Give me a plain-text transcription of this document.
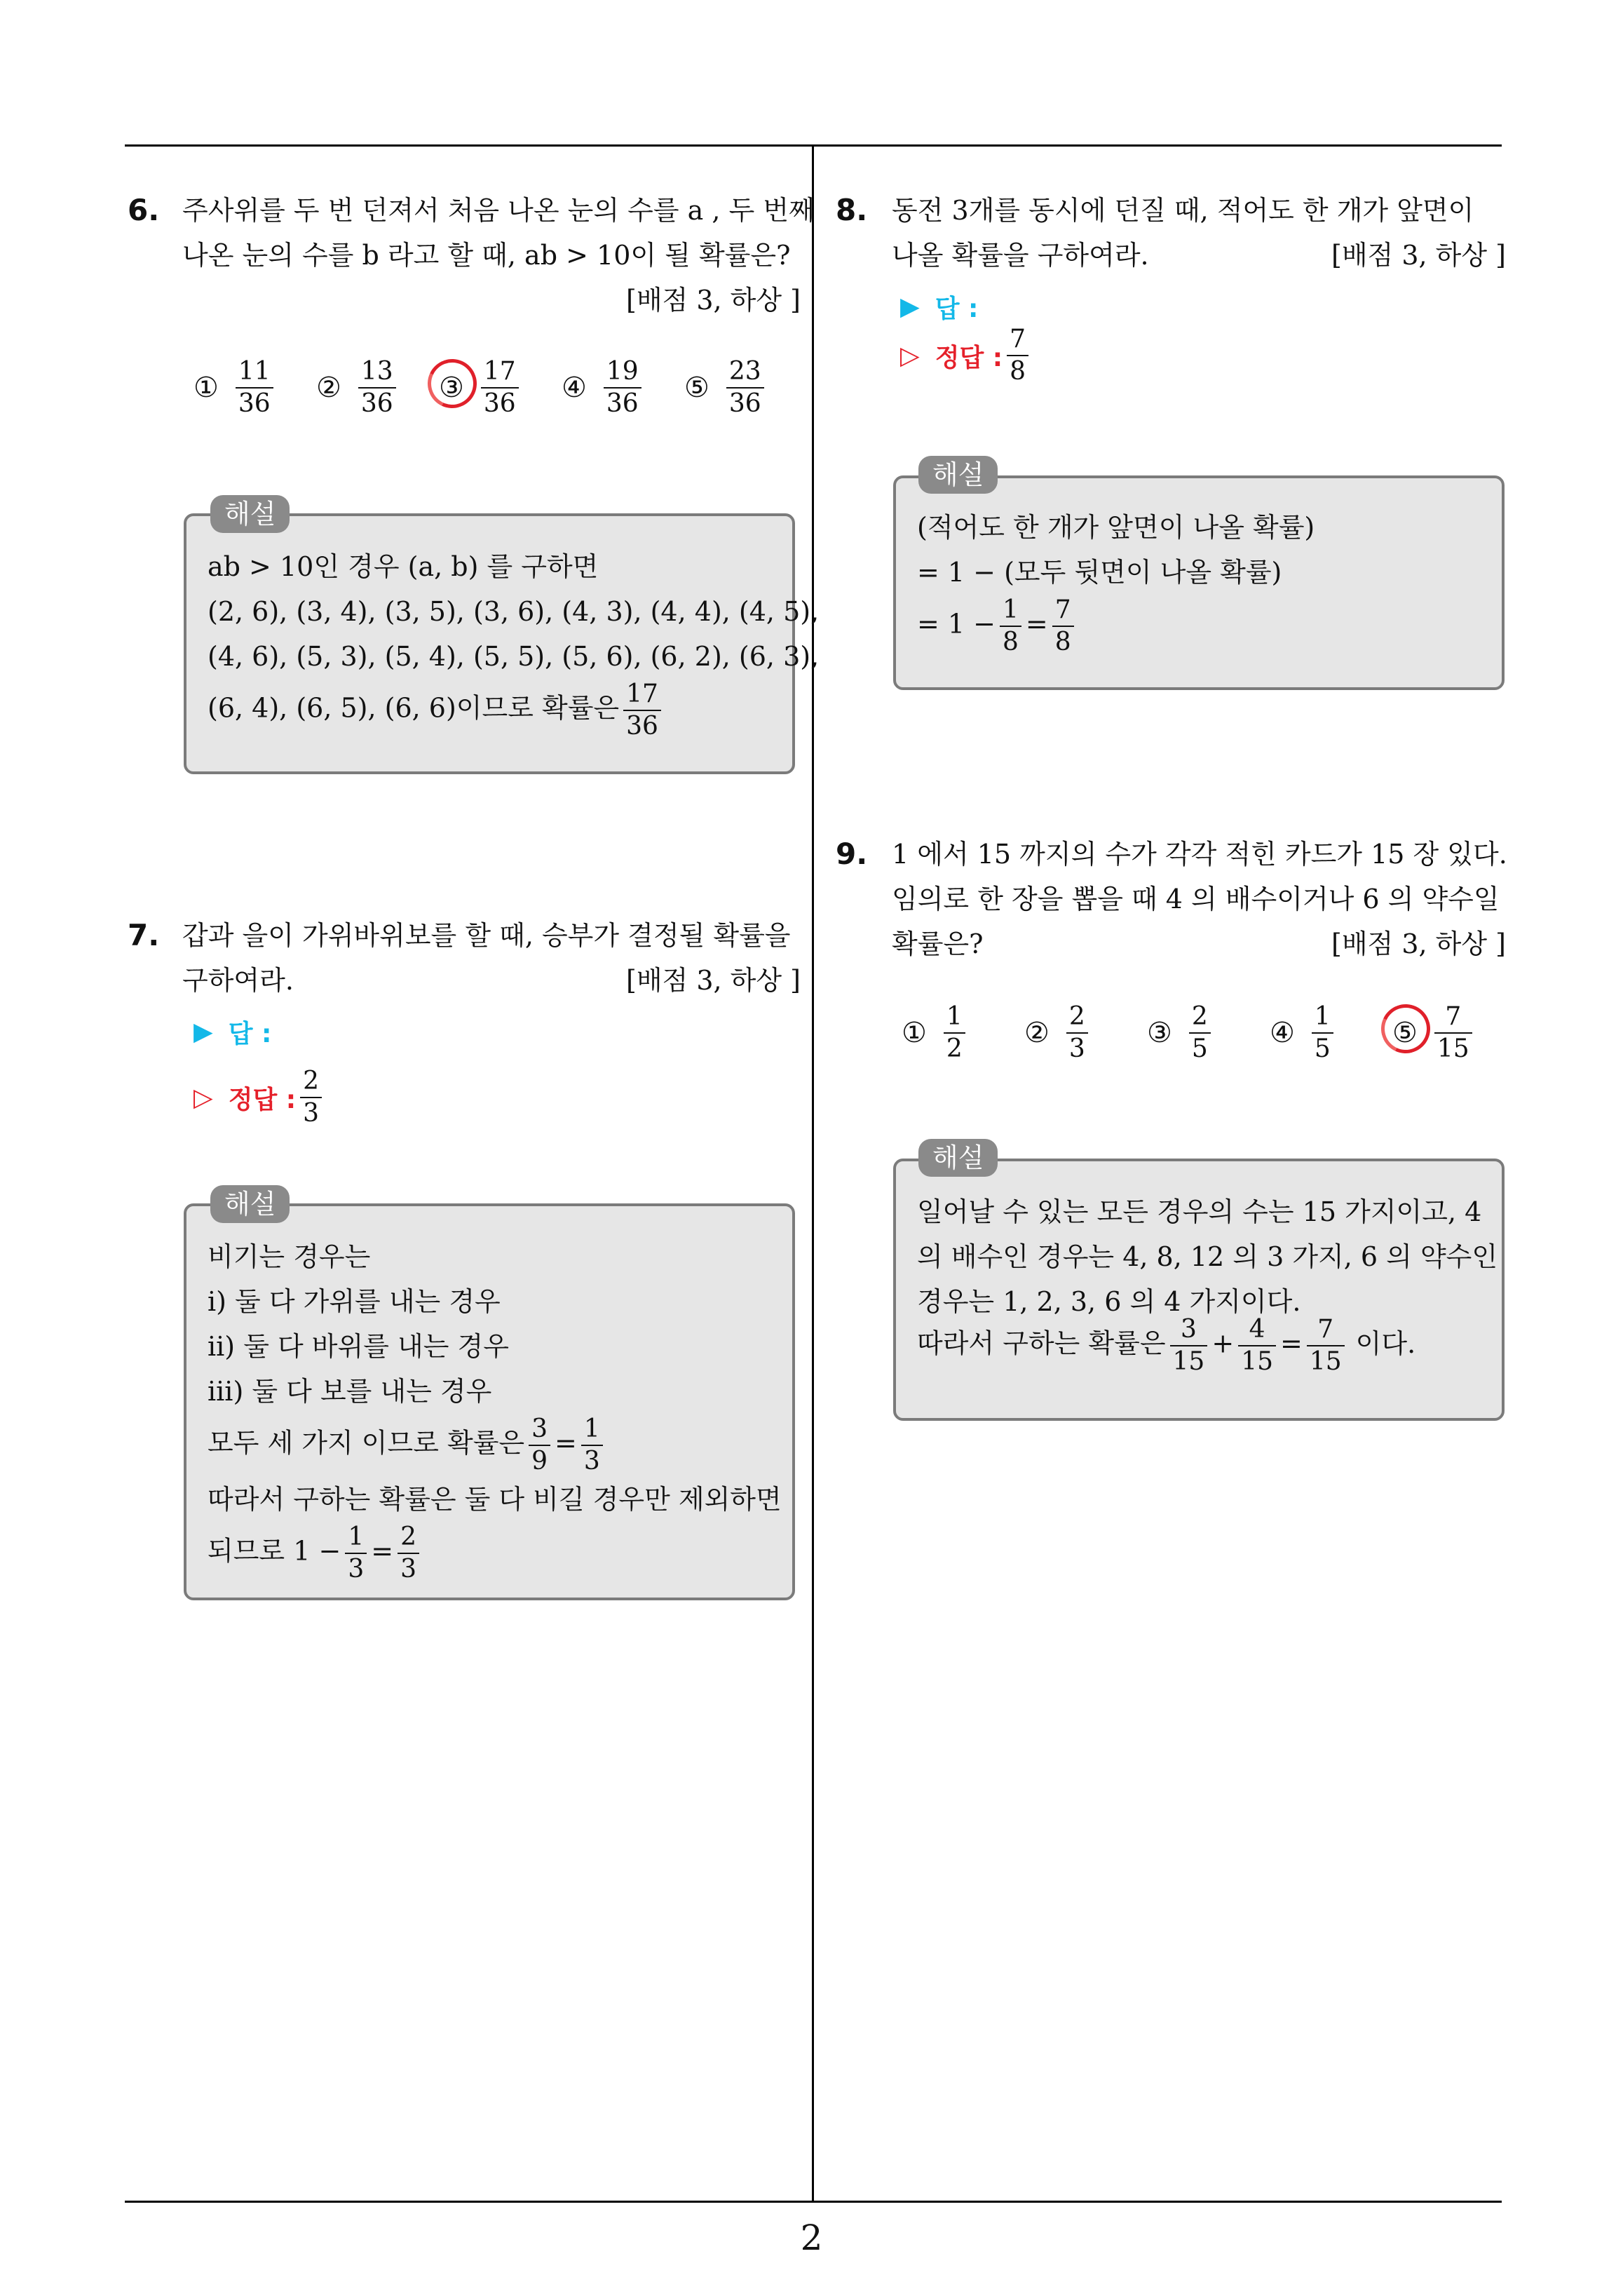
2
6. 주사위를 두 번 던져서 처음 나온 눈의 수를 a , 두 번째

나온 눈의 수를 b 라고 할 때, ab > 10이 될 확률은?

[배점 3, 하상 ]
① $\frac{11}{36}$ ② $\frac{13}{36}$ ③ $\frac{17}{36}$ ④ $\frac{19}{36}$ ⑤ $\frac{23}{36}$

ab > 10인 경우 (a, b) 를 구하면

(2, 6), (3, 4), (3, 5), (3, 6), (4, 3), (4, 4), (4, 5),

(4, 6), (5, 3), (5, 4), (5, 5), (5, 6), (6, 2), (6, 3),

(6, 4), (6, 5), (6, 6)이므로 확률은 $\frac{17}{36}$

해설
7. 갑과 을이 가위바위보를 할 때, 승부가 결정될 확률을

구하여라.	[배점 3, 하상 ]
▶ 답 :
▷ 정답 : $\frac{2}{3}$

비기는 경우는

i) 둘 다 가위를 내는 경우

ii) 둘 다 바위를 내는 경우

iii) 둘 다 보를 내는 경우

모두 세 가지 이므로 확률은 $\frac{3}{9} = \frac{1}{3}$

따라서 구하는 확률은 둘 다 비길 경우만 제외하면

되므로 $1 - \frac{1}{3} = \frac{2}{3}$

해설
8. 동전 3개를 동시에 던질 때, 적어도 한 개가 앞면이

나올 확률을 구하여라.	[배점 3, 하상 ]
▶ 답 :
▷ 정답 : $\frac{7}{8}$

(적어도 한 개가 앞면이 나올 확률)

= 1 − (모두 뒷면이 나올 확률)

= $1 - \frac{1}{8} = \frac{7}{8}$

해설
9. 1 에서 15 까지의 수가 각각 적힌 카드가 15 장 있다.

임의로 한 장을 뽑을 때 4 의 배수이거나 6 의 약수일

확률은?	[배점 3, 하상 ]
① $\frac{1}{2}$ ② $\frac{2}{3}$ ③ $\frac{2}{5}$ ④ $\frac{1}{5}$ ⑤ $\frac{7}{15}$

일어날 수 있는 모든 경우의 수는 15 가지이고, 4

의 배수인 경우는 4, 8, 12 의 3 가지, 6 의 약수인

경우는 1, 2, 3, 6 의 4 가지이다.

따라서 구하는 확률은 $\frac{3}{15} + \frac{4}{15} = \frac{7}{15}$ 이다.

해설
